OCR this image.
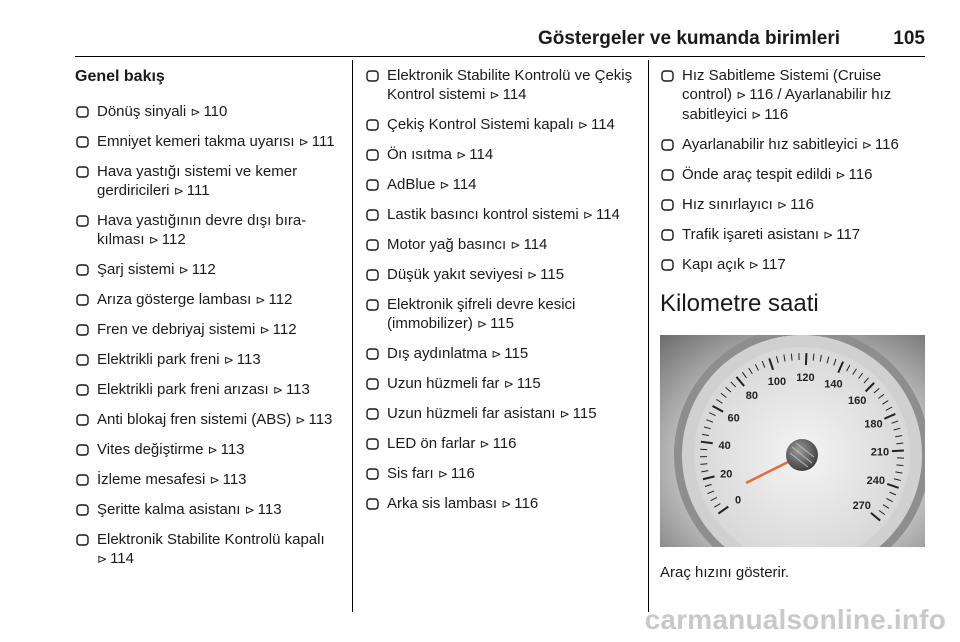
Göstergeler ve kumanda birimleri	105
Genel bakış
Dönüş sinyali ⊳ 110
Emniyet kemeri takma uyarısı ⊳ 111
Hava yastığı sistemi ve kemer gerdiricileri ⊳ 111
Hava yastığının devre dışı bıra- kılması ⊳ 112
Şarj sistemi ⊳ 112
Arıza gösterge lambası ⊳ 112
Fren ve debriyaj sistemi ⊳ 112
Elektrikli park freni ⊳ 113
Elektrikli park freni arızası ⊳ 113
Anti blokaj fren sistemi (ABS) ⊳ 113
Vites değiştirme ⊳ 113
İzleme mesafesi ⊳ 113
Şeritte kalma asistanı ⊳ 113
Elektronik Stabilite Kontrolü kapalı ⊳ 114
Elektronik Stabilite Kontrolü ve Çekiş Kontrol sistemi ⊳ 114
Çekiş Kontrol Sistemi kapalı ⊳ 114
Ön ısıtma ⊳ 114
AdBlue ⊳ 114
Lastik basıncı kontrol sistemi ⊳ 114
Motor yağ basıncı ⊳ 114
Düşük yakıt seviyesi ⊳ 115
Elektronik şifreli devre kesici (immobilizer) ⊳ 115
Dış aydınlatma ⊳ 115
Uzun hüzmeli far ⊳ 115
Uzun hüzmeli far asistanı ⊳ 115
LED ön farlar ⊳ 116
Sis farı ⊳ 116
Arka sis lambası ⊳ 116
Hız Sabitleme Sistemi (Cruise control) ⊳ 116 / Ayarlanabilir hız sabitleyici ⊳ 116
Ayarlanabilir hız sabitleyici ⊳ 116
Önde araç tespit edildi ⊳ 116
Hız sınırlayıcı ⊳ 116
Trafik işareti asistanı ⊳ 117
Kapı açık ⊳ 117
Kilometre saati
0
20
40
60
80
100 120
140
160
180
210
240
270
Araç hızını gösterir.
carmanualsonline.info
